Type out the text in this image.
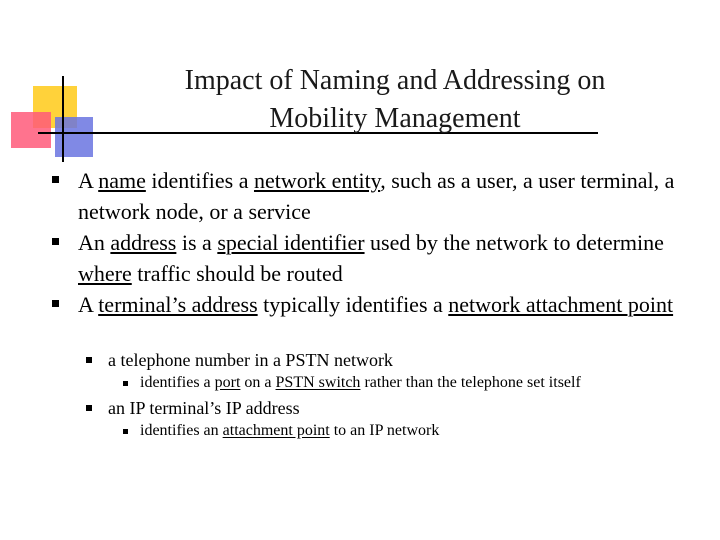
Impact of Naming and Addressing on
Mobility Management
A name identifies a network entity, such as a user, a user terminal, a network node, or a service
An address is a special identifier used by the network to determine where traffic should be routed
A terminal’s address typically identifies a network attachment point
a telephone number in a PSTN network
identifies a port on a PSTN switch rather than the telephone set itself
an IP terminal’s IP address
identifies an attachment point to an IP network
